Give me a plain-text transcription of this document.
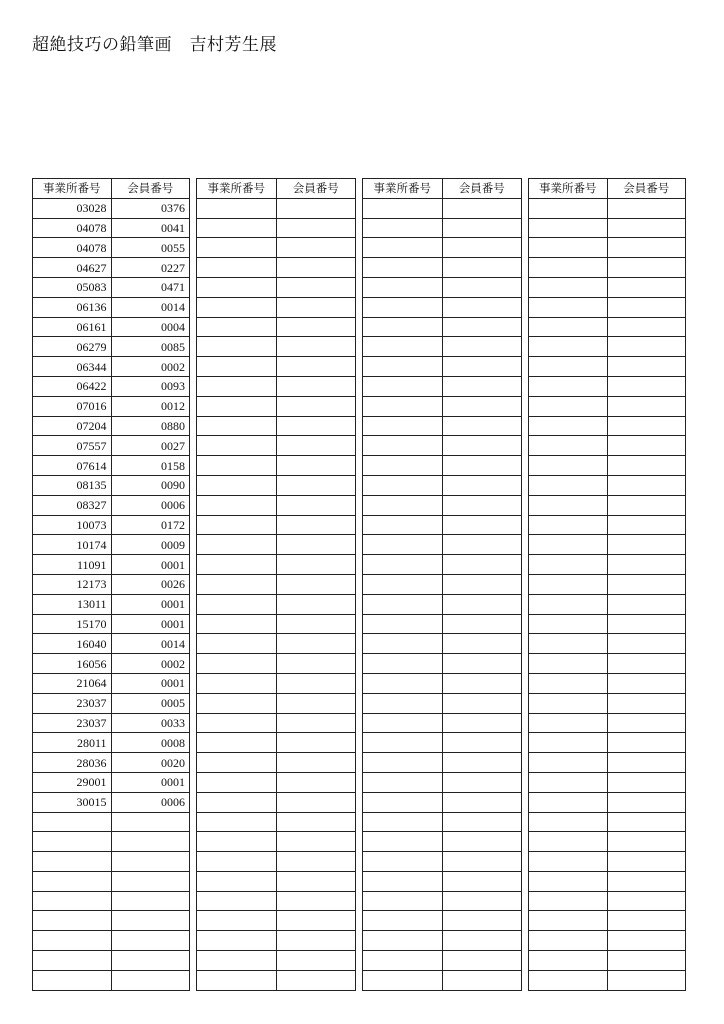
超絶技巧の鉛筆画　吉村芳生展
事業所番号	会員番号
03028	0376
04078	0041
04078	0055
04627	0227
05083	0471
06136	0014
06161	0004
06279	0085
06344	0002
06422	0093
07016	0012
07204	0880
07557	0027
07614	0158
08135	0090
08327	0006
10073	0172
10174	0009
11091	0001
12173	0026
13011	0001
15170	0001
16040	0014
16056	0002
21064	0001
23037	0005
23037	0033
28011	0008
28036	0020
29001	0001
30015	0006

事業所番号	会員番号

		事業所番号	会員番号

		事業所番号	会員番号
